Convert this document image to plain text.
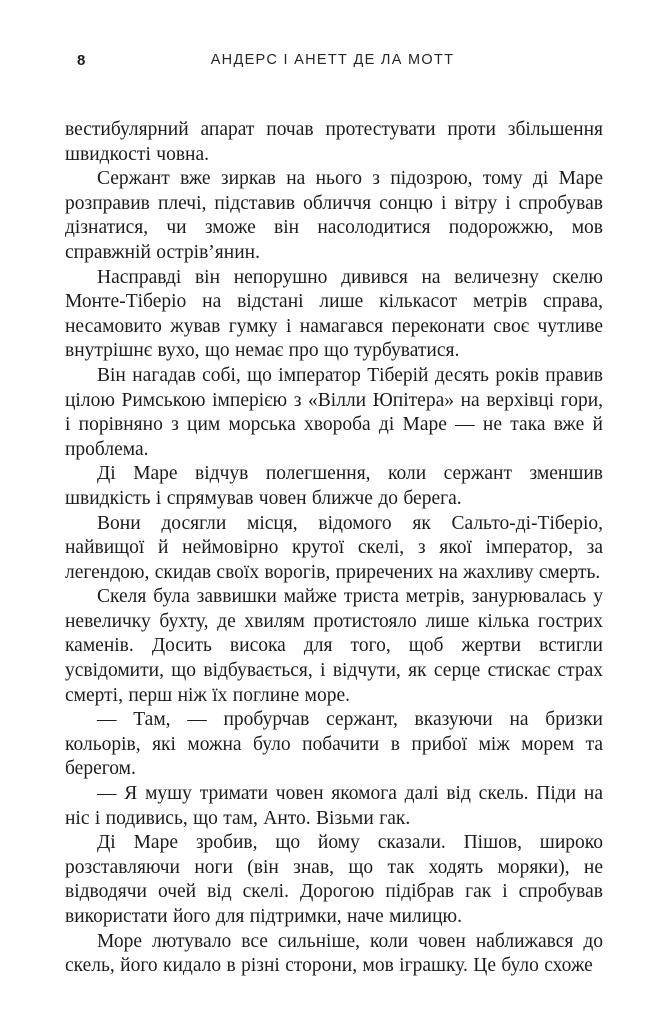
8	АНДЕРС І АНЕТТ ДЕ ЛА МОТТ

вестибулярний апарат почав протестувати проти збільшення швидкості човна.

Сержант вже зиркав на нього з підозрою, тому ді Маре розправив плечі, підставив обличчя сонцю і вітру і спробував дізнатися, чи зможе він насолодитися подорожжю, мов справжній острів’янин.

Насправді він непорушно дивився на величезну скелю Монте-Тіберіо на відстані лише кількасот метрів справа, несамовито жував гумку і намагався переконати своє чутливе внутрішнє вухо, що немає про що турбуватися.

Він нагадав собі, що імператор Тіберій десять років правив цілою Римською імперією з «Вілли Юпітера» на верхівці гори, і порівняно з цим морська хвороба ді Маре — не така вже й проблема.

Ді Маре відчув полегшення, коли сержант зменшив швидкість і спрямував човен ближче до берега.

Вони досягли місця, відомого як Сальто-ді-Тіберіо, найвищої й неймовірно крутої скелі, з якої імператор, за легендою, скидав своїх ворогів, приречених на жахливу смерть.

Скеля була заввишки майже триста метрів, занурювалась у невеличку бухту, де хвилям протистояло лише кілька гострих каменів. Досить висока для того, щоб жертви встигли усвідомити, що відбувається, і відчути, як серце стискає страх смерті, перш ніж їх поглине море.

— Там, — пробурчав сержант, вказуючи на бризки кольорів, які можна було побачити в прибої між морем та берегом.

— Я мушу тримати човен якомога далі від скель. Піди на ніс і подивись, що там, Анто. Візьми гак.

Ді Маре зробив, що йому сказали. Пішов, широко розставляючи ноги (він знав, що так ходять моряки), не відводячи очей від скелі. Дорогою підібрав гак і спробував використати його для підтримки, наче милицю.

Море лютувало все сильніше, коли човен наближався до скель, його кидало в різні сторони, мов іграшку. Це було схоже
